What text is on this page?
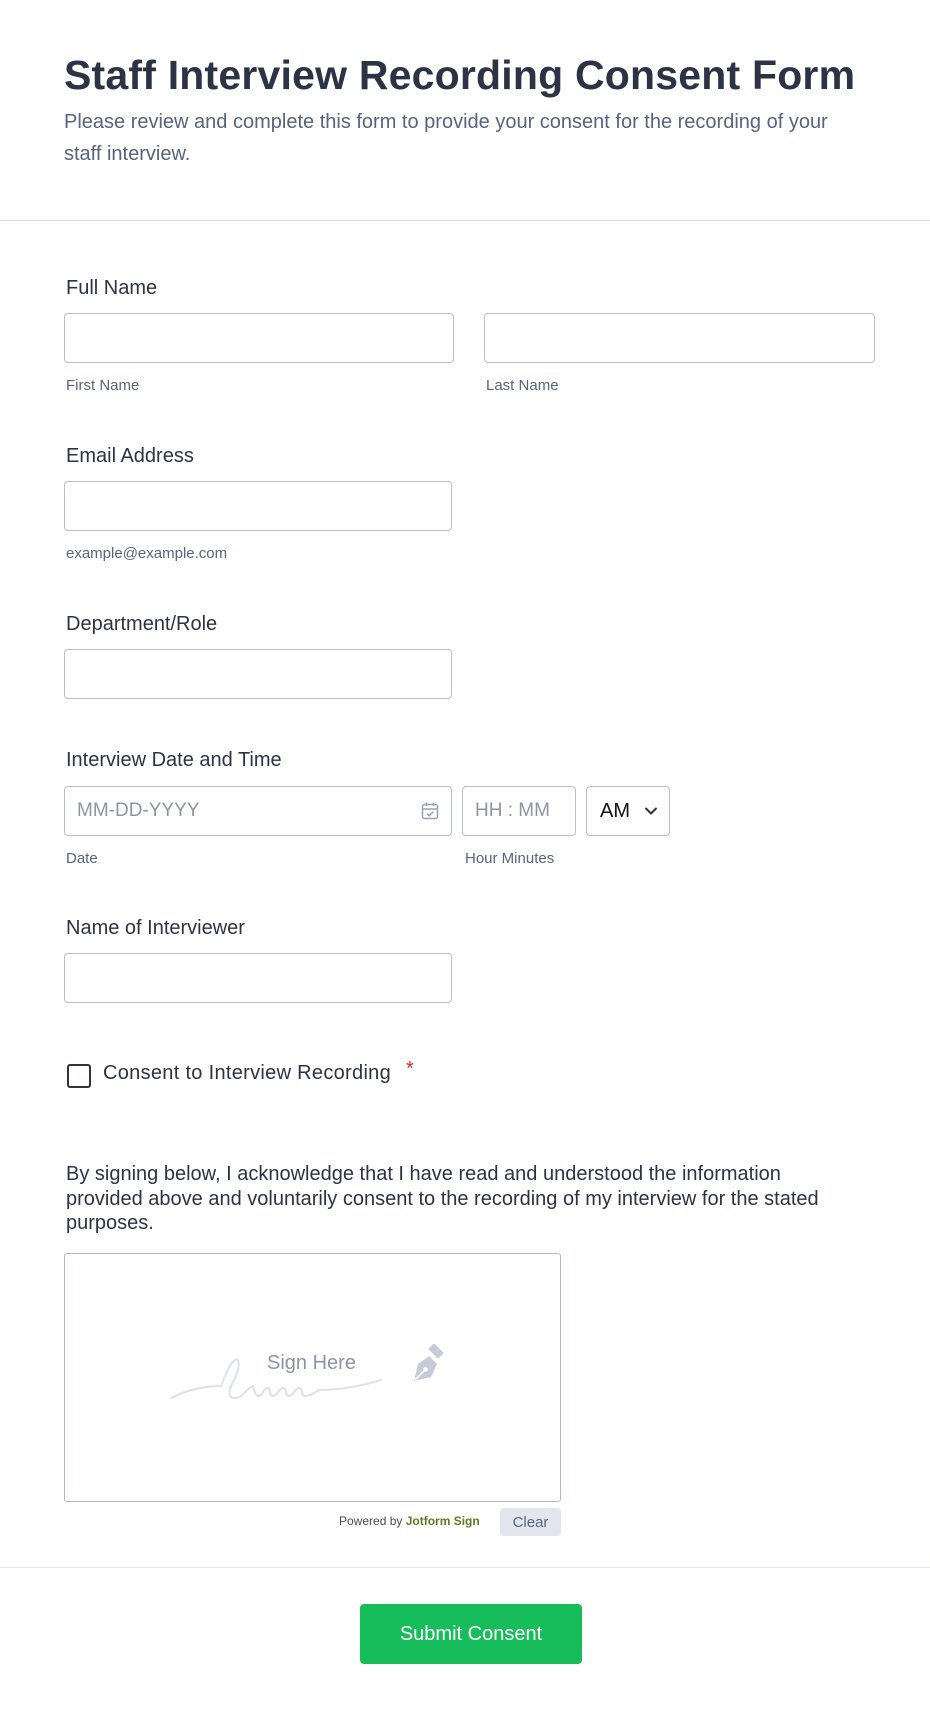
Staff Interview Recording Consent Form

Please review and complete this form to provide your consent for the recording of your staff interview.

Full Name
First Name	Last Name
Email Address
example@example.com
Department/Role
Interview Date and Time
MM-DD-YYYY
Date
HH : MM	Hour Minutes
AM
Name of Interviewer
Consent to Interview Recording *

By signing below, I acknowledge that I have read and understood the information provided above and voluntarily consent to the recording of my interview for the stated purposes.

Sign Here
Powered by Jotform Sign	Clear
Submit Consent
